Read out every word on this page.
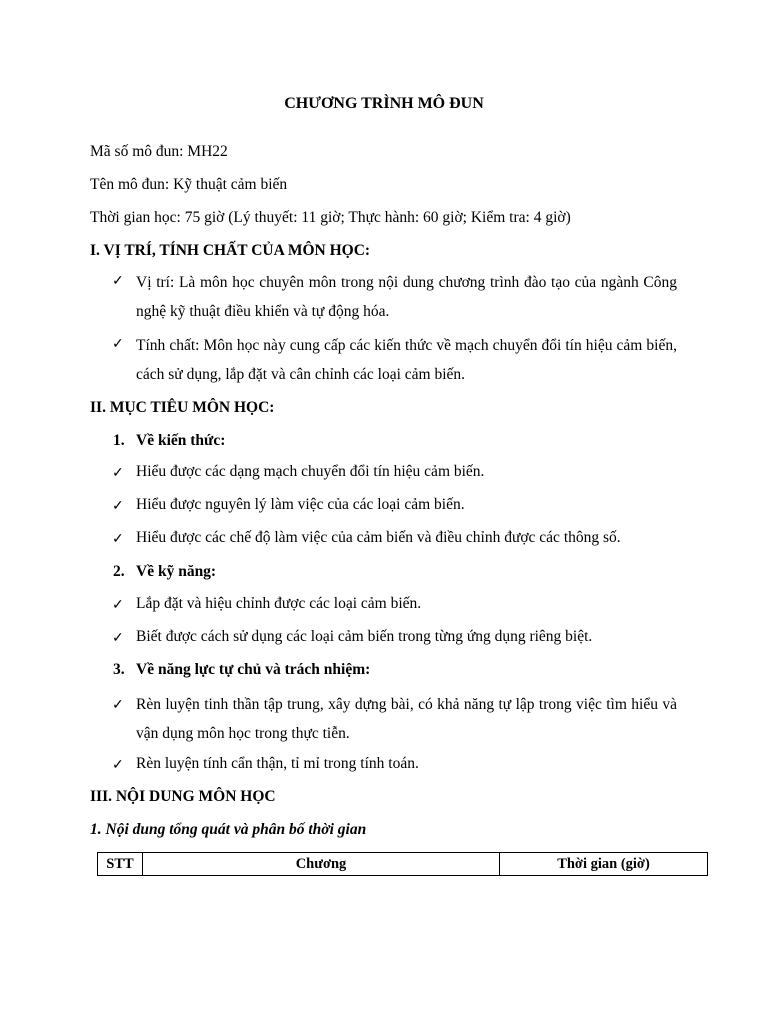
CHƯƠNG TRÌNH MÔ ĐUN
Mã số mô đun: MH22
Tên mô đun: Kỹ thuật cảm biến
Thời gian học: 75 giờ (Lý thuyết: 11 giờ; Thực hành: 60 giờ; Kiểm tra: 4 giờ)
I. VỊ TRÍ, TÍNH CHẤT CỦA MÔN HỌC:
✓ Vị trí: Là môn học chuyên môn trong nội dung chương trình đào tạo của ngành Công nghệ kỹ thuật điều khiển và tự động hóa.
✓ Tính chất: Môn học này cung cấp các kiến thức về mạch chuyển đổi tín hiệu cảm biến, cách sử dụng, lắp đặt và cân chỉnh các loại cảm biến.
II. MỤC TIÊU MÔN HỌC:
1. Về kiến thức:
✓ Hiểu được các dạng mạch chuyển đổi tín hiệu cảm biến.
✓ Hiểu được nguyên lý làm việc của các loại cảm biến.
✓ Hiểu được các chế độ làm việc của cảm biến và điều chỉnh được các thông số.
2. Về kỹ năng:
✓ Lắp đặt và hiệu chỉnh được các loại cảm biến.
✓ Biết được cách sử dụng các loại cảm biến trong từng ứng dụng riêng biệt.
3. Về năng lực tự chủ và trách nhiệm:
✓ Rèn luyện tinh thần tập trung, xây dựng bài, có khả năng tự lập trong việc tìm hiểu và vận dụng môn học trong thực tiễn.
✓ Rèn luyện tính cẩn thận, tỉ mỉ trong tính toán.
III. NỘI DUNG MÔN HỌC
1. Nội dung tổng quát và phân bố thời gian
STT	Chương	Thời gian (giờ)
